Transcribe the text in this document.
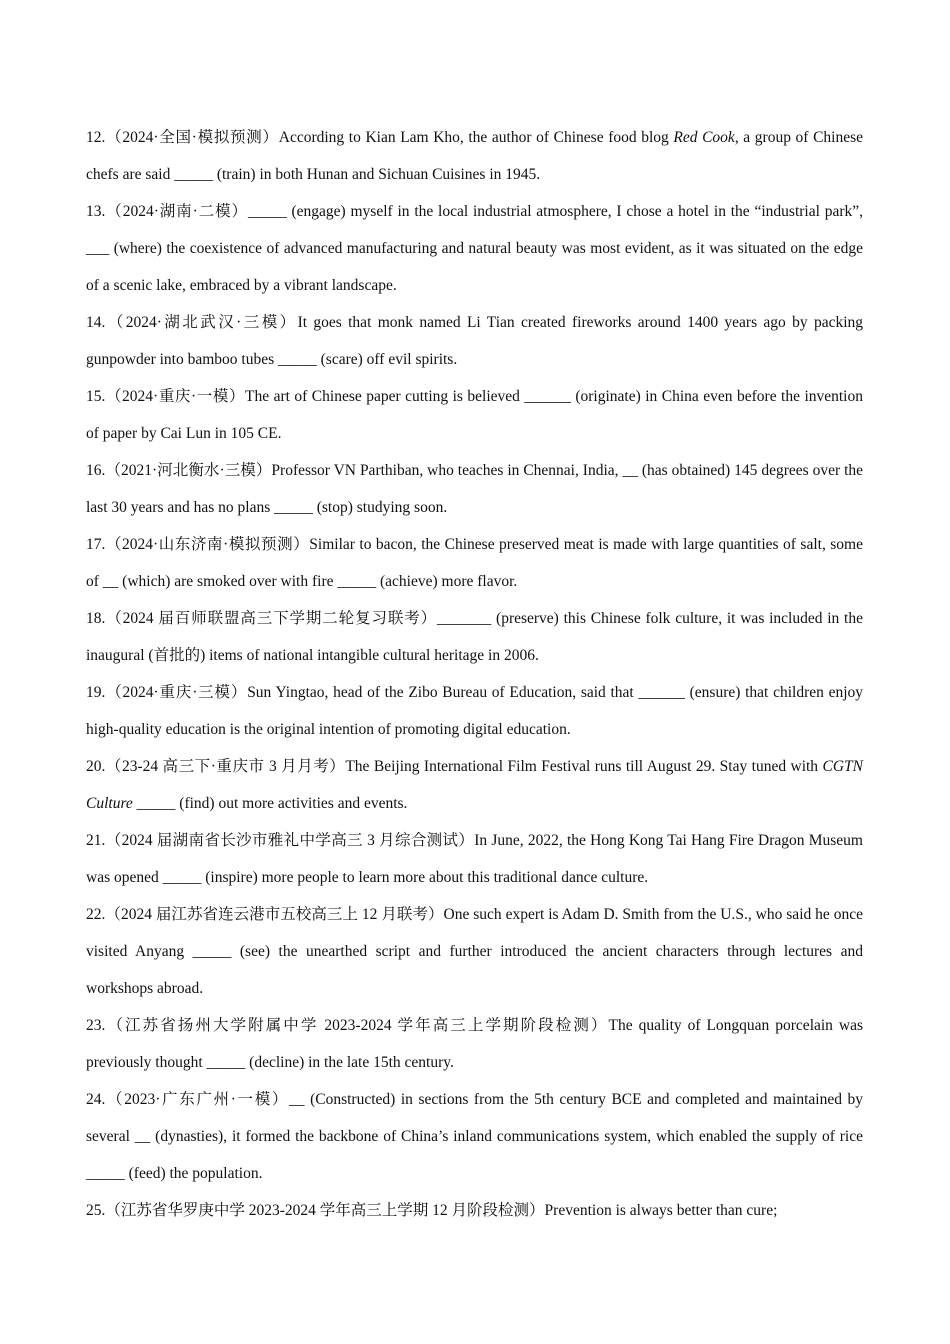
12.（2024·全国·模拟预测）According to Kian Lam Kho, the author of Chinese food blog Red Cook, a group of Chinese chefs are said _____ (train) in both Hunan and Sichuan Cuisines in 1945.

13.（2024·湖南·二模）_____ (engage) myself in the local industrial atmosphere, I chose a hotel in the “industrial park”, ___ (where) the coexistence of advanced manufacturing and natural beauty was most evident, as it was situated on the edge of a scenic lake, embraced by a vibrant landscape.

14.（2024·湖北武汉·三模）It goes that monk named Li Tian created fireworks around 1400 years ago by packing gunpowder into bamboo tubes _____ (scare) off evil spirits.

15.（2024·重庆·一模）The art of Chinese paper cutting is believed ______ (originate) in China even before the invention of paper by Cai Lun in 105 CE.

16.（2021·河北衡水·三模）Professor VN Parthiban, who teaches in Chennai, India, __ (has obtained) 145 degrees over the last 30 years and has no plans _____ (stop) studying soon.

17.（2024·山东济南·模拟预测）Similar to bacon, the Chinese preserved meat is made with large quantities of salt, some of __ (which) are smoked over with fire _____ (achieve) more flavor.

18.（2024 届百师联盟高三下学期二轮复习联考）_______ (preserve) this Chinese folk culture, it was included in the inaugural (首批的) items of national intangible cultural heritage in 2006.

19.（2024·重庆·三模）Sun Yingtao, head of the Zibo Bureau of Education, said that ______ (ensure) that children enjoy high-quality education is the original intention of promoting digital education.

20.（23-24 高三下·重庆市 3 月月考）The Beijing International Film Festival runs till August 29. Stay tuned with CGTN Culture _____ (find) out more activities and events.

21.（2024 届湖南省长沙市雅礼中学高三 3 月综合测试）In June, 2022, the Hong Kong Tai Hang Fire Dragon Museum was opened _____ (inspire) more people to learn more about this traditional dance culture.

22.（2024 届江苏省连云港市五校高三上 12 月联考）One such expert is Adam D. Smith from the U.S., who said he once visited Anyang _____ (see) the unearthed script and further introduced the ancient characters through lectures and workshops abroad.

23.（江苏省扬州大学附属中学 2023-2024 学年高三上学期阶段检测）The quality of Longquan porcelain was previously thought _____ (decline) in the late 15th century.

24.（2023·广东广州·一模）__ (Constructed) in sections from the 5th century BCE and completed and maintained by several __ (dynasties), it formed the backbone of China’s inland communications system, which enabled the supply of rice _____ (feed) the population.

25.（江苏省华罗庚中学 2023-2024 学年高三上学期 12 月阶段检测）Prevention is always better than cure;
